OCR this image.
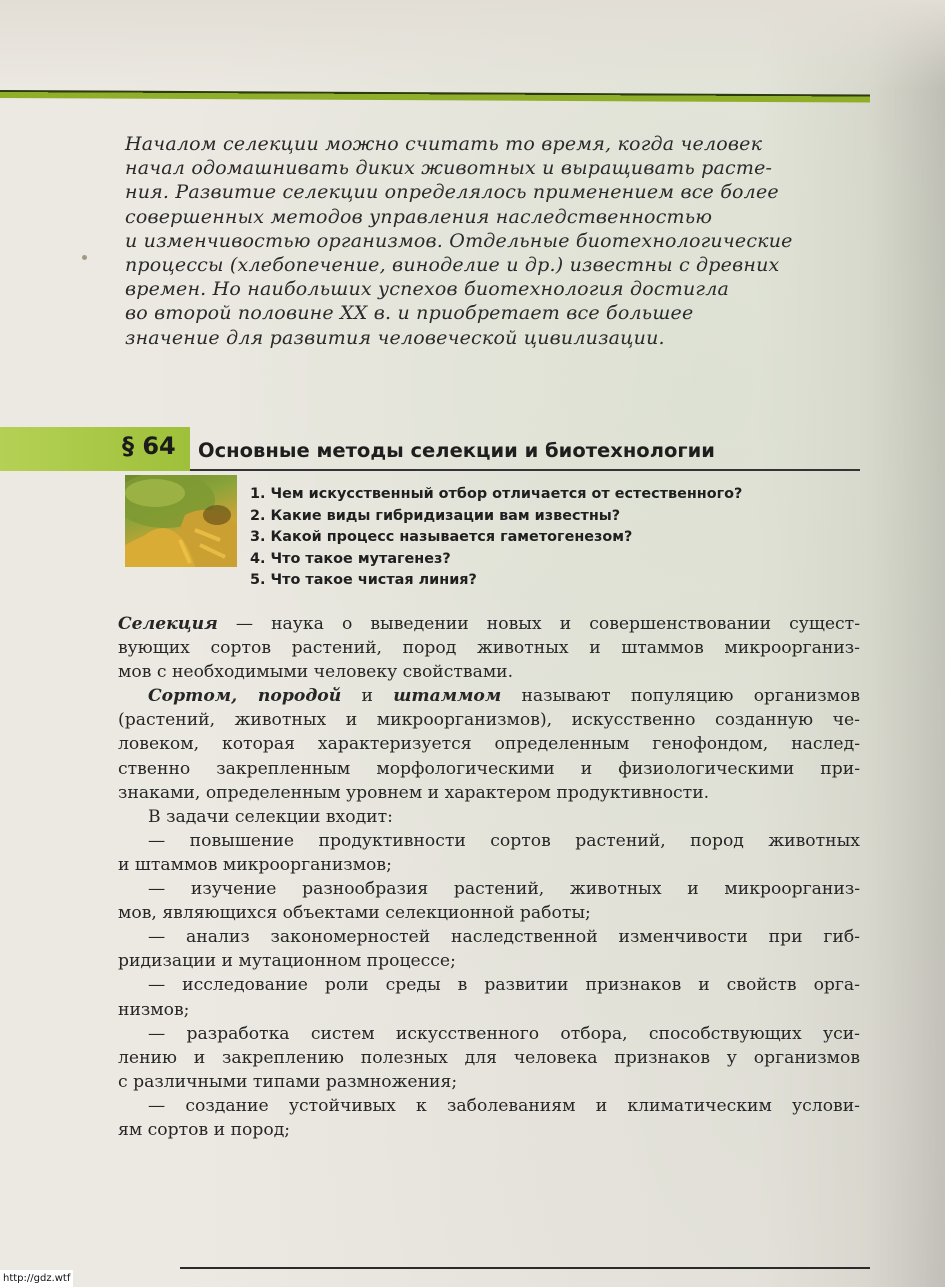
Началом селекции можно считать то время, когда человек
начал одомашнивать диких животных и выращивать расте-
ния. Развитие селекции определялось применением все более
совершенных методов управления наследственностью
и изменчивостью организмов. Отдельные биотехнологические
процессы (хлебопечение, виноделие и др.) известны с древних
времен. Но наибольших успехов биотехнология достигла
во второй половине XX в. и приобретает все большее
значение для развития человеческой цивилизации.
§ 64 Основные методы селекции и биотехнологии
1. Чем искусственный отбор отличается от естественного?
2. Какие виды гибридизации вам известны?
3. Какой процесс называется гаметогенезом?
4. Что такое мутагенез?
5. Что такое чистая линия?
Селекция — наука о выведении новых и совершенствовании сущест-
вующих сортов растений, пород животных и штаммов микроорганиз-
мов с необходимыми человеку свойствами.
Сортом, породой и штаммом называют популяцию организмов
(растений, животных и микроорганизмов), искусственно созданную че-
ловеком, которая характеризуется определенным генофондом, наслед-
ственно закрепленным морфологическими и физиологическими при-
знаками, определенным уровнем и характером продуктивности.
В задачи селекции входит:
— повышение продуктивности сортов растений, пород животных
и штаммов микроорганизмов;
— изучение разнообразия растений, животных и микроорганиз-
мов, являющихся объектами селекционной работы;
— анализ закономерностей наследственной изменчивости при гиб-
ридизации и мутационном процессе;
— исследование роли среды в развитии признаков и свойств орга-
низмов;
— разработка систем искусственного отбора, способствующих уси-
лению и закреплению полезных для человека признаков у организмов
с различными типами размножения;
— создание устойчивых к заболеваниям и климатическим услови-
ям сортов и пород;
http://gdz.wtf
